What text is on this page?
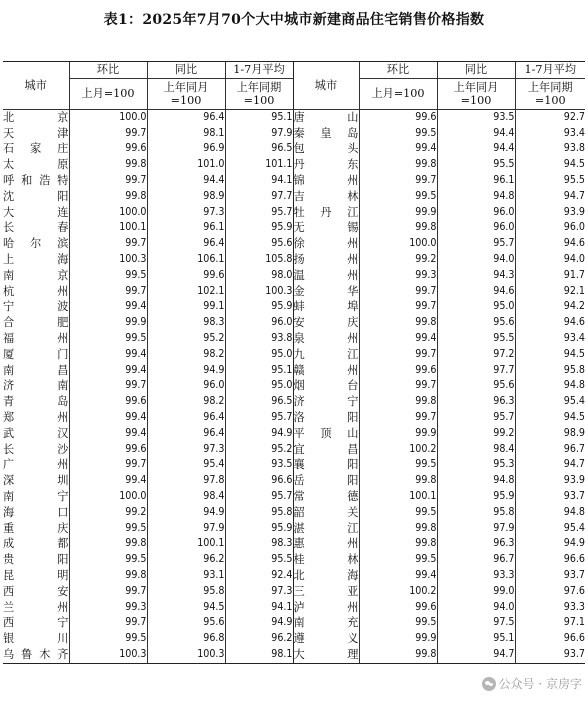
表1：2025年7月70个大中城市新建商品住宅销售价格指数
城市	环比	同比	1-7月平均	城市	环比	同比	1-7月平均
	上月=100	上年同月=100	上年同期=100		上月=100	上年同月=100	上年同期=100

北京	100.0	96.4	95.1	唐山	99.6	93.5	92.7
天津	99.7	98.1	97.9	秦皇岛	99.5	94.4	93.4
石家庄	99.6	96.9	96.5	包头	99.4	94.4	93.8
太原	99.8	101.0	101.1	丹东	99.8	95.5	94.5
呼和浩特	99.7	94.4	94.1	锦州	99.7	96.1	95.5
沈阳	99.8	98.9	97.7	吉林	99.5	94.8	94.7
大连	100.0	97.3	95.7	牡丹江	99.9	96.0	93.9
长春	100.1	96.1	95.9	无锡	99.8	96.0	96.0
哈尔滨	99.7	96.4	95.6	徐州	100.0	95.7	94.6
上海	100.3	106.1	105.8	扬州	99.2	94.0	94.0
南京	99.5	99.6	98.0	温州	99.3	94.3	91.7
杭州	99.7	102.1	100.3	金华	99.7	94.6	92.1
宁波	99.4	99.1	95.9	蚌埠	99.7	95.0	94.2
合肥	99.9	98.3	96.0	安庆	99.8	95.6	94.6
福州	99.5	95.2	93.8	泉州	99.4	95.5	93.4
厦门	99.4	98.2	95.0	九江	99.7	97.2	94.5
南昌	99.4	94.9	95.1	赣州	99.6	97.7	95.8
济南	99.7	96.0	95.0	烟台	99.7	95.6	94.8
青岛	99.6	98.2	96.5	济宁	99.8	96.3	95.4
郑州	99.4	96.4	95.7	洛阳	99.7	95.7	94.5
武汉	99.4	96.4	94.9	平顶山	99.9	99.2	98.9
长沙	99.6	97.3	95.2	宜昌	100.2	98.4	96.7
广州	99.7	95.4	93.5	襄阳	99.5	95.3	94.7
深圳	99.4	97.8	96.6	岳阳	99.8	94.8	93.9
南宁	100.0	98.4	95.7	常德	100.1	95.9	93.7
海口	99.2	94.9	95.8	韶关	99.5	95.8	94.8
重庆	99.5	97.9	95.9	湛江	99.8	97.9	95.4
成都	99.8	100.1	98.3	惠州	99.8	96.3	94.9
贵阳	99.5	96.2	95.5	桂林	99.5	96.7	96.6
昆明	99.8	93.1	92.4	北海	99.4	93.3	93.7
西安	99.7	95.8	97.3	三亚	100.2	99.0	97.6
兰州	99.3	94.5	94.1	泸州	99.6	94.0	93.3
西宁	99.7	95.6	94.9	南充	99.5	97.5	97.1
银川	99.5	96.8	96.2	遵义	99.9	95.1	96.6
乌鲁木齐	100.3	100.3	98.1	大理	99.8	94.7	93.7
公众号 · 京房字
